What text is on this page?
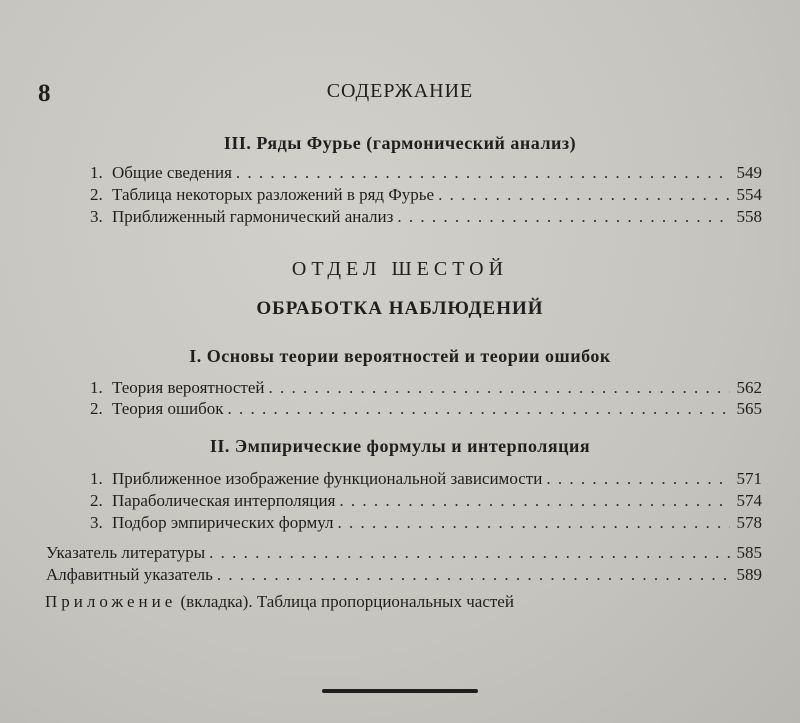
8	СОДЕРЖАНИЕ
III. Ряды Фурье (гармонический анализ)
1. Общие сведения . . .	549
2. Таблица некоторых разложений в ряд Фурье . . .	554
3. Приближенный гармонический анализ . . .	558
ОТДЕЛ ШЕСТОЙ
ОБРАБОТКА НАБЛЮДЕНИЙ
I. Основы теории вероятностей и теории ошибок
1. Теория вероятностей . . .	562
2. Теория ошибок . . .	565
II. Эмпирические формулы и интерполяция
1. Приближенное изображение функциональной зависимости . . .	571
2. Параболическая интерполяция . . .	574
3. Подбор эмпирических формул . . .	578
Указатель литературы . . .	585
Алфавитный указатель . . .	589
Приложение (вкладка). Таблица пропорциональных частей
